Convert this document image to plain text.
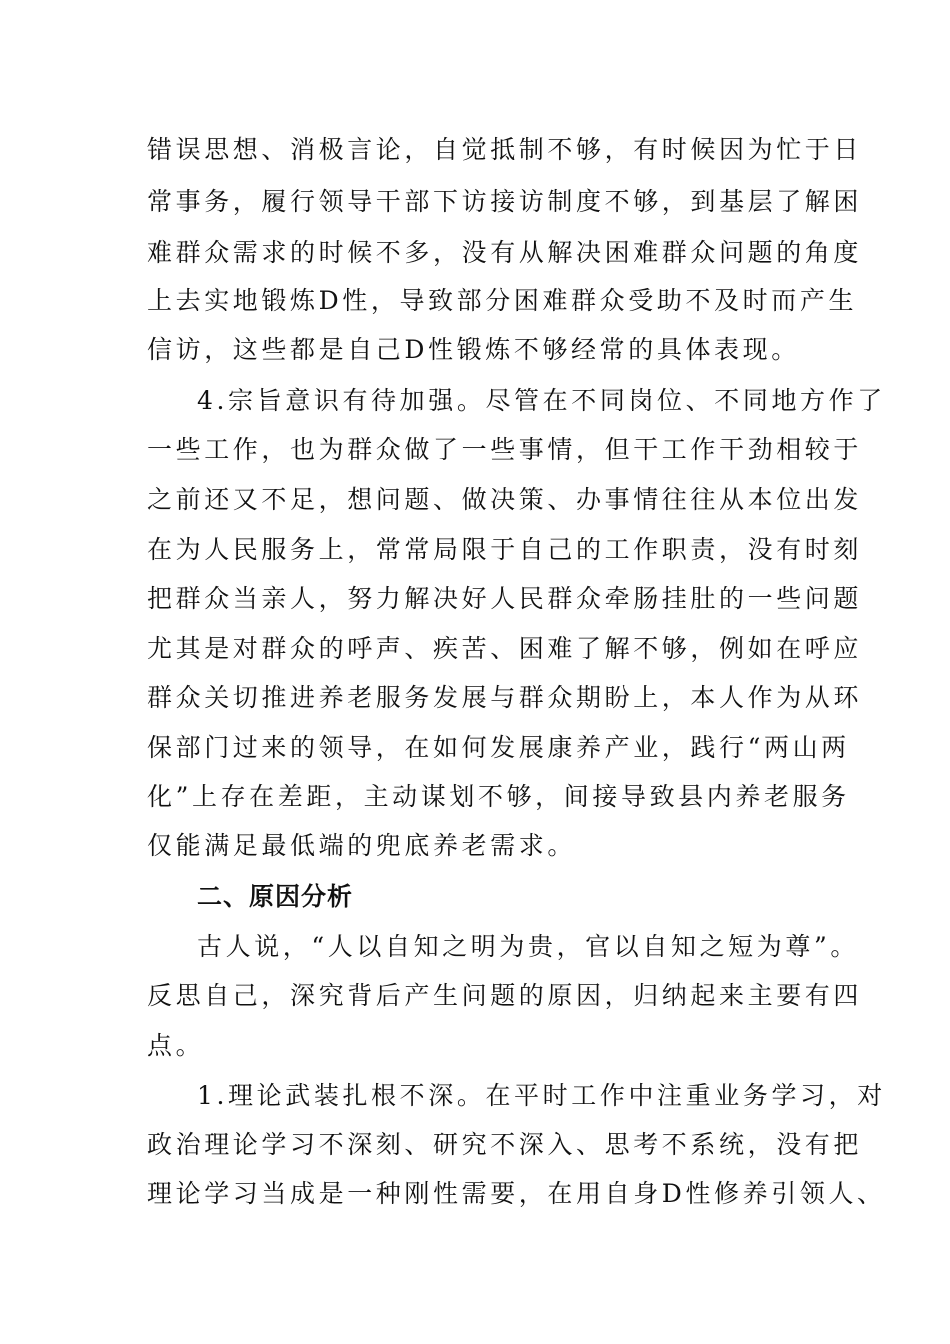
错误思想、消极言论，自觉抵制不够，有时候因为忙于日
常事务，履行领导干部下访接访制度不够，到基层了解困
难群众需求的时候不多，没有从解决困难群众问题的角度
上去实地锻炼D性，导致部分困难群众受助不及时而产生
信访，这些都是自己D性锻炼不够经常的具体表现。
4.宗旨意识有待加强。尽管在不同岗位、不同地方作了
一些工作，也为群众做了一些事情，但干工作干劲相较于
之前还又不足，想问题、做决策、办事情往往从本位出发
在为人民服务上，常常局限于自己的工作职责，没有时刻
把群众当亲人，努力解决好人民群众牵肠挂肚的一些问题
尤其是对群众的呼声、疾苦、困难了解不够，例如在呼应
群众关切推进养老服务发展与群众期盼上，本人作为从环
保部门过来的领导，在如何发展康养产业，践行“两山两
化”上存在差距，主动谋划不够，间接导致县内养老服务
仅能满足最低端的兜底养老需求。
二、原因分析
古人说，“人以自知之明为贵，官以自知之短为尊”。
反思自己，深究背后产生问题的原因，归纳起来主要有四
点。
1.理论武装扎根不深。在平时工作中注重业务学习，对
政治理论学习不深刻、研究不深入、思考不系统，没有把
理论学习当成是一种刚性需要，在用自身D性修养引领人、
